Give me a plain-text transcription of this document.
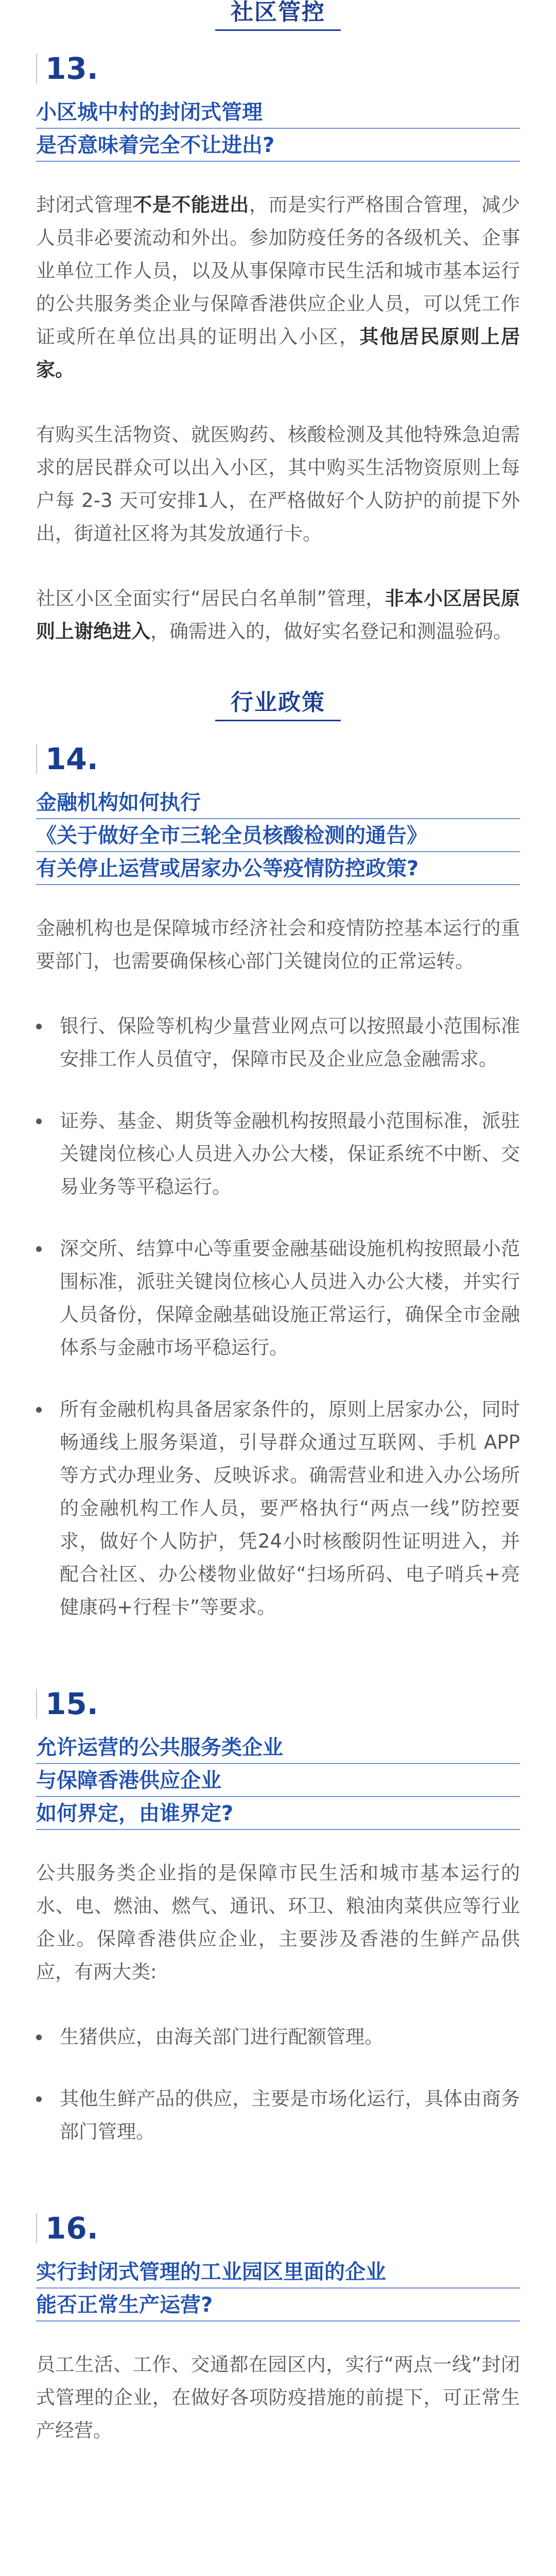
社区管控
13.
小区城中村的封闭式管理
是否意味着完全不让进出?

封闭式管理不是不能进出，而是实行严格围合管理，减少人员非必要流动和外出。参加防疫任务的各级机关、企事业单位工作人员，以及从事保障市民生活和城市基本运行的公共服务类企业与保障香港供应企业人员，可以凭工作证或所在单位出具的证明出入小区，其他居民原则上居家。

有购买生活物资、就医购药、核酸检测及其他特殊急迫需求的居民群众可以出入小区，其中购买生活物资原则上每户每 2-3 天可安排1人，在严格做好个人防护的前提下外出，街道社区将为其发放通行卡。

社区小区全面实行“居民白名单制”管理，非本小区居民原则上谢绝进入，确需进入的，做好实名登记和测温验码。

行业政策
14.
金融机构如何执行
《关于做好全市三轮全员核酸检测的通告》
有关停止运营或居家办公等疫情防控政策?

金融机构也是保障城市经济社会和疫情防控基本运行的重要部门，也需要确保核心部门关键岗位的正常运转。

银行、保险等机构少量营业网点可以按照最小范围标准安排工作人员值守，保障市民及企业应急金融需求。
证券、基金、期货等金融机构按照最小范围标准，派驻关键岗位核心人员进入办公大楼，保证系统不中断、交易业务等平稳运行。
深交所、结算中心等重要金融基础设施机构按照最小范围标准，派驻关键岗位核心人员进入办公大楼，并实行人员备份，保障金融基础设施正常运行，确保全市金融体系与金融市场平稳运行。
所有金融机构具备居家条件的，原则上居家办公，同时畅通线上服务渠道，引导群众通过互联网、手机 APP 等方式办理业务、反映诉求。确需营业和进入办公场所的金融机构工作人员，要严格执行“两点一线”防控要求，做好个人防护，凭24小时核酸阴性证明进入，并配合社区、办公楼物业做好“扫场所码、电子哨兵+亮健康码+行程卡”等要求。
15.
允许运营的公共服务类企业
与保障香港供应企业
如何界定，由谁界定?

公共服务类企业指的是保障市民生活和城市基本运行的水、电、燃油、燃气、通讯、环卫、粮油肉菜供应等行业企业。保障香港供应企业，主要涉及香港的生鲜产品供应，有两大类:

生猪供应，由海关部门进行配额管理。
其他生鲜产品的供应，主要是市场化运行，具体由商务部门管理。
16.
实行封闭式管理的工业园区里面的企业
能否正常生产运营?

员工生活、工作、交通都在园区内，实行“两点一线”封闭式管理的企业，在做好各项防疫措施的前提下，可正常生产经营。
